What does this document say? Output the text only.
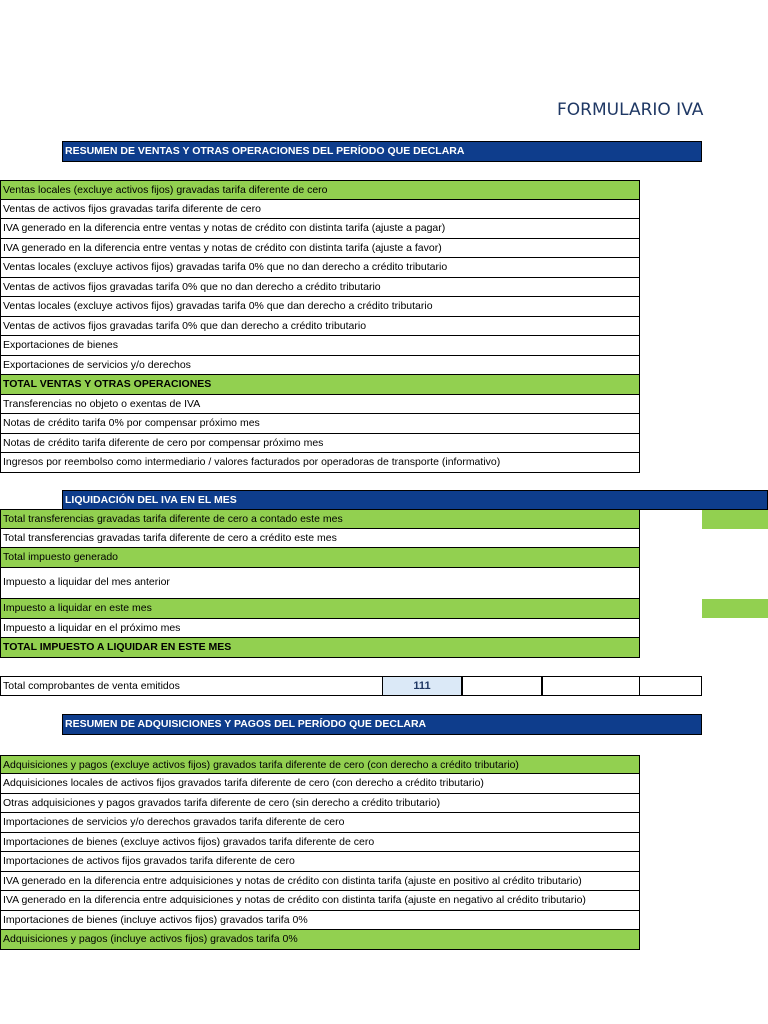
FORMULARIO IVA
RESUMEN DE VENTAS Y OTRAS OPERACIONES DEL PERÍODO QUE DECLARA
Ventas locales (excluye activos fijos) gravadas tarifa diferente de cero
Ventas de activos fijos gravadas tarifa diferente de cero
IVA generado en la diferencia entre ventas y notas de crédito con distinta tarifa (ajuste a pagar)
IVA generado en la diferencia entre ventas y notas de crédito con distinta tarifa (ajuste a favor)
Ventas locales (excluye activos fijos) gravadas tarifa 0% que no dan derecho a crédito tributario
Ventas de activos fijos gravadas tarifa 0% que no dan derecho a crédito tributario
Ventas locales (excluye activos fijos) gravadas tarifa 0% que dan derecho a crédito tributario
Ventas de activos fijos gravadas tarifa 0% que dan derecho a crédito tributario
Exportaciones de bienes
Exportaciones de servicios y/o derechos
TOTAL VENTAS Y OTRAS OPERACIONES
Transferencias no objeto o exentas de IVA
Notas de crédito tarifa 0% por compensar próximo mes
Notas de crédito tarifa diferente de cero por compensar próximo mes
Ingresos por reembolso como intermediario / valores facturados por operadoras de transporte (informativo)
LIQUIDACIÓN DEL IVA EN EL MES
Total transferencias gravadas tarifa diferente de cero a contado este mes
Total transferencias gravadas tarifa diferente de cero a crédito este mes
Total impuesto generado
Impuesto a liquidar del mes anterior
Impuesto a liquidar en este mes
Impuesto a liquidar en el próximo mes
TOTAL IMPUESTO A LIQUIDAR EN ESTE MES
Total comprobantes de venta emitidos	111
RESUMEN DE ADQUISICIONES Y PAGOS DEL PERÍODO QUE DECLARA
Adquisiciones y pagos (excluye activos fijos) gravados tarifa diferente de cero (con derecho a crédito tributario)
Adquisiciones locales de activos fijos gravados tarifa diferente de cero (con derecho a crédito tributario)
Otras adquisiciones y pagos gravados tarifa diferente de cero (sin derecho a crédito tributario)
Importaciones de servicios y/o derechos gravados tarifa diferente de cero
Importaciones de bienes (excluye activos fijos) gravados tarifa diferente de cero
Importaciones de activos fijos gravados tarifa diferente de cero
IVA generado en la diferencia entre adquisiciones y notas de crédito con distinta tarifa (ajuste en positivo al crédito tributario)
IVA generado en la diferencia entre adquisiciones y notas de crédito con distinta tarifa (ajuste en negativo al crédito tributario)
Importaciones de bienes (incluye activos fijos) gravados tarifa 0%
Adquisiciones y pagos (incluye activos fijos) gravados tarifa 0%
